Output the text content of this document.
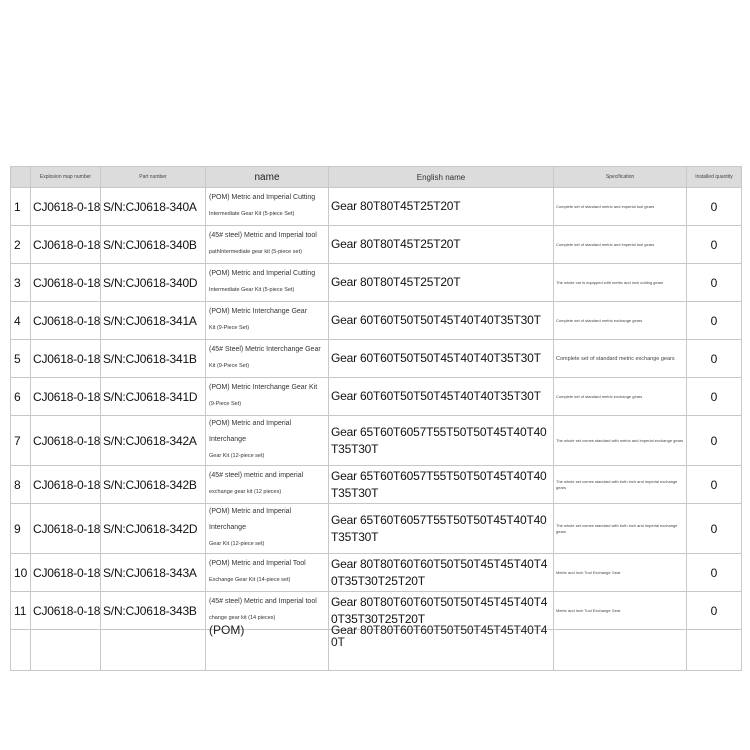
	Explosion map number	Part number	name	English name	Specification	Installed quantity
1	CJ0618-0-18	S/N:CJ0618-340A	(POM) Metric and Imperial Cutting
Intermediate Gear Kit (5-piece Set)	Gear 80T80T45T25T20T	Complete set of standard metric and imperial tool gears	0
2	CJ0618-0-18	S/N:CJ0618-340B	(45# steel) Metric and Imperial tool
pathIntermediate gear kit (5-piece set)	Gear 80T80T45T25T20T	Complete set of standard metric and imperial tool gears	0
3	CJ0618-0-18	S/N:CJ0618-340D	(POM) Metric and Imperial Cutting
Intermediate Gear Kit (5-piece Set)	Gear 80T80T45T25T20T	The whole car is equipped with metric and inch cutting gears	0
4	CJ0618-0-18	S/N:CJ0618-341A	(POM) Metric Interchange Gear
Kit (9-Piece Set)	Gear 60T60T50T50T45T40T40T35T30T	Complete set of standard metric exchange gears	0
5	CJ0618-0-18	S/N:CJ0618-341B	(45# Steel) Metric Interchange Gear
Kit (9-Piece Set)	Gear 60T60T50T50T45T40T40T35T30T	Complete set of standard metric exchange gears	0
6	CJ0618-0-18	S/N:CJ0618-341D	(POM) Metric Interchange Gear Kit
(9-Piece Set)	Gear 60T60T50T50T45T40T40T35T30T	Complete set of standard metric exchange gears	0
7	CJ0618-0-18	S/N:CJ0618-342A	(POM) Metric and Imperial Interchange
Gear Kit (12-piece set)	Gear 65T60T6057T55T50T50T45T40T40T35T30T	The whole set comes standard with metric and imperial exchange gears	0
8	CJ0618-0-18	S/N:CJ0618-342B	(45# steel) metric and imperial
exchange gear kit (12 pieces)	Gear 65T60T6057T55T50T50T45T40T40T35T30T	The whole set comes standard with both inch and imperial exchange gears	0
9	CJ0618-0-18	S/N:CJ0618-342D	(POM) Metric and Imperial Interchange
Gear Kit (12-piece set)	Gear 65T60T6057T55T50T50T45T40T40T35T30T	The whole set comes standard with both inch and imperial exchange gears	0
10	CJ0618-0-18	S/N:CJ0618-343A	(POM) Metric and Imperial Tool
Exchange Gear Kit (14-piece set)	Gear 80T80T60T60T50T50T45T45T40T40T35T30T25T20T	Metric and Inch Tool Exchange Gear	0
11	CJ0618-0-18	S/N:CJ0618-343B	(45# steel) Metric and Imperial tool
change gear kit (14 pieces)	Gear 80T80T60T60T50T50T45T45T40T40T35T30T25T20T	Metric and Inch Tool Exchange Gear	0

			(POM)	Gear 80T80T60T60T50T50T45T45T40T40T		
